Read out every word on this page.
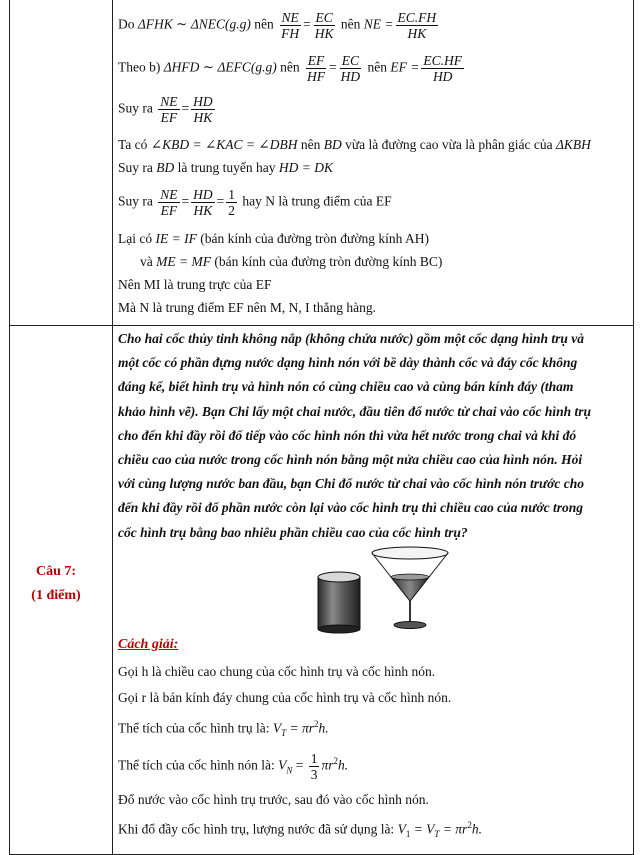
Do ΔFHK ∼ ΔNEC(g.g) nên $\frac{NE}{FH} = \frac{EC}{HK}$ nên NE = $\frac{EC.FH}{HK}$
Theo b) ΔHFD ∼ ΔEFC(g.g) nên $\frac{EF}{HF} = \frac{EC}{HD}$ nên EF = $\frac{EC.HF}{HD}$
Suy ra $\frac{NE}{EF} = \frac{HD}{HK}$
Ta có ∠KBD = ∠KAC = ∠DBH nên BD vừa là đường cao vừa là phân giác của ΔKBH
Suy ra BD là trung tuyến hay HD = DK
Suy ra $\frac{NE}{EF} = \frac{HD}{HK} = \frac{1}{2}$ hay N là trung điểm của EF
Lại có IE = IF (bán kính của đường tròn đường kính AH)
và ME = MF (bán kính của đường tròn đường kính BC)
Nên MI là trung trực của EF
Mà N là trung điểm EF nên M, N, I thẳng hàng.
Câu 7:
(1 điểm)
Cho hai cốc thủy tinh không nắp (không chứa nước) gồm một cốc dạng hình trụ và
một cốc có phần đựng nước dạng hình nón với bề dày thành cốc và đáy cốc không
đáng kể, biết hình trụ và hình nón có cùng chiều cao và cùng bán kính đáy (tham
khảo hình vẽ). Bạn Chi lấy một chai nước, đầu tiên đổ nước từ chai vào cốc hình trụ
cho đến khi đầy rồi đổ tiếp vào cốc hình nón thì vừa hết nước trong chai và khi đó
chiều cao của nước trong cốc hình nón bằng một nửa chiều cao của hình nón. Hỏi
với cùng lượng nước ban đầu, bạn Chi đổ nước từ chai vào cốc hình nón trước cho
đến khi đầy rồi đổ phần nước còn lại vào cốc hình trụ thì chiều cao của nước trong
cốc hình trụ bằng bao nhiêu phần chiều cao của cốc hình trụ?
Cách giải:
Gọi h là chiều cao chung của cốc hình trụ và cốc hình nón.
Gọi r là bán kính đáy chung của cốc hình trụ và cốc hình nón.
Thể tích của cốc hình trụ là: $V_T = \pi r^2h$.
Thể tích của cốc hình nón là: $V_N = \frac{1}{3} \pi r^2h$.
Đổ nước vào cốc hình trụ trước, sau đó vào cốc hình nón.
Khi đổ đầy cốc hình trụ, lượng nước đã sử dụng là: $V_1 = V_T = \pi r^2h$.
